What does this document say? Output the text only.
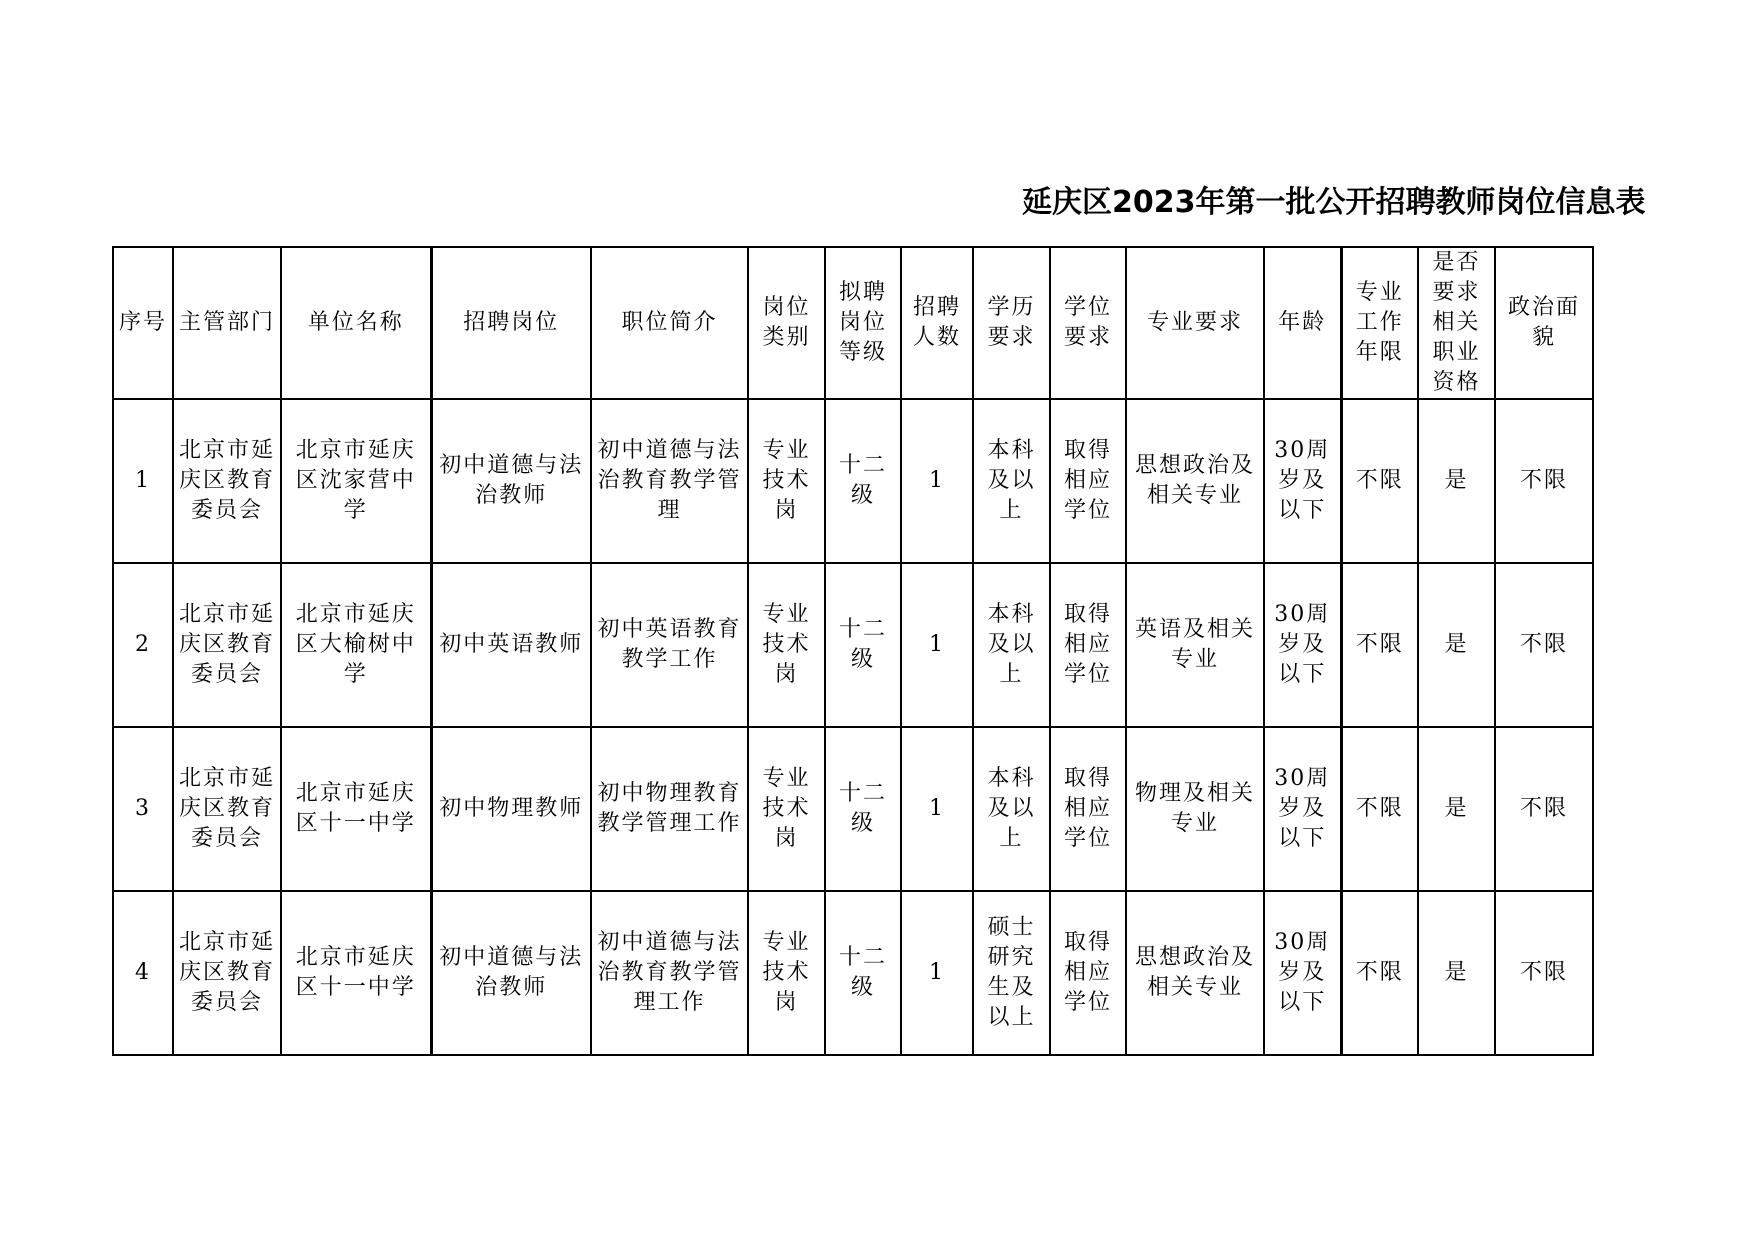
延庆区2023年第一批公开招聘教师岗位信息表
序号	主管部门	单位名称	招聘岗位	职位简介	岗位类别	拟聘岗位等级	招聘人数	学历要求	学位要求	专业要求	年龄	专业工作年限	是否要求相关职业资格	政治面貌
1	北京市延庆区教育委员会	北京市延庆区沈家营中学	初中道德与法治教师	初中道德与法治教育教学管理	专业技术岗	十二级	1	本科及以上	取得相应学位	思想政治及相关专业	30周岁及以下	不限	是	不限
2	北京市延庆区教育委员会	北京市延庆区大榆树中学	初中英语教师	初中英语教育教学工作	专业技术岗	十二级	1	本科及以上	取得相应学位	英语及相关专业	30周岁及以下	不限	是	不限
3	北京市延庆区教育委员会	北京市延庆区十一中学	初中物理教师	初中物理教育教学管理工作	专业技术岗	十二级	1	本科及以上	取得相应学位	物理及相关专业	30周岁及以下	不限	是	不限
4	北京市延庆区教育委员会	北京市延庆区十一中学	初中道德与法治教师	初中道德与法治教育教学管理工作	专业技术岗	十二级	1	硕士研究生及以上	取得相应学位	思想政治及相关专业	30周岁及以下	不限	是	不限
